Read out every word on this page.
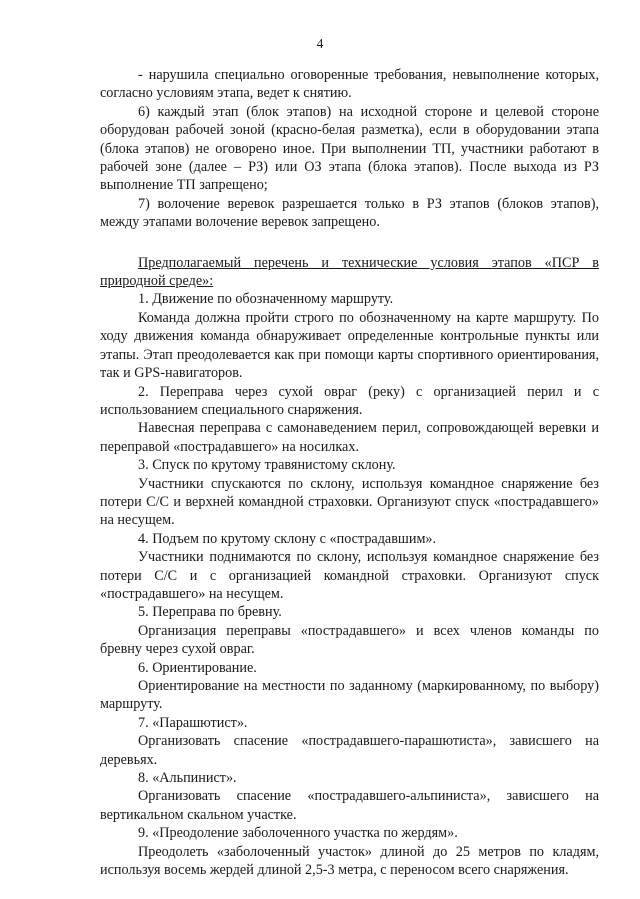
4

- нарушила специально оговоренные требования, невыполнение которых, согласно условиям этапа, ведет к снятию.

6) каждый этап (блок этапов) на исходной стороне и целевой стороне оборудован рабочей зоной (красно-белая разметка), если в оборудовании этапа (блока этапов) не оговорено иное. При выполнении ТП, участники работают в рабочей зоне (далее – РЗ) или ОЗ этапа (блока этапов). После выхода из РЗ выполнение ТП запрещено;

7) волочение веревок разрешается только в РЗ этапов (блоков этапов), между этапами волочение веревок запрещено.

Предполагаемый перечень и технические условия этапов «ПСР в природной среде»:

1. Движение по обозначенному маршруту.

Команда должна пройти строго по обозначенному на карте маршруту. По ходу движения команда обнаруживает определенные контрольные пункты или этапы. Этап преодолевается как при помощи карты спортивного ориентирования, так и GPS-навигаторов.

2. Переправа через сухой овраг (реку) с организацией перил и с использованием специального снаряжения.

Навесная переправа с самонаведением перил, сопровождающей веревки и переправой «пострадавшего» на носилках.

3. Спуск по крутому травянистому склону.

Участники спускаются по склону, используя командное снаряжение без потери С/С и верхней командной страховки. Организуют спуск «пострадавшего» на несущем.

4. Подъем по крутому склону с «пострадавшим».

Участники поднимаются по склону, используя командное снаряжение без потери С/С и с организацией командной страховки. Организуют спуск «пострадавшего» на несущем.

5. Переправа по бревну.

Организация переправы «пострадавшего» и всех членов команды по бревну через сухой овраг.

6. Ориентирование.

Ориентирование на местности по заданному (маркированному, по выбору) маршруту.

7. «Парашютист».

Организовать спасение «пострадавшего-парашютиста», зависшего на деревьях.

8. «Альпинист».

Организовать спасение «пострадавшего-альпиниста», зависшего на вертикальном скальном участке.

9. «Преодоление заболоченного участка по жердям».

Преодолеть «заболоченный участок» длиной до 25 метров по кладям, используя восемь жердей длиной 2,5-3 метра, с переносом всего снаряжения.
